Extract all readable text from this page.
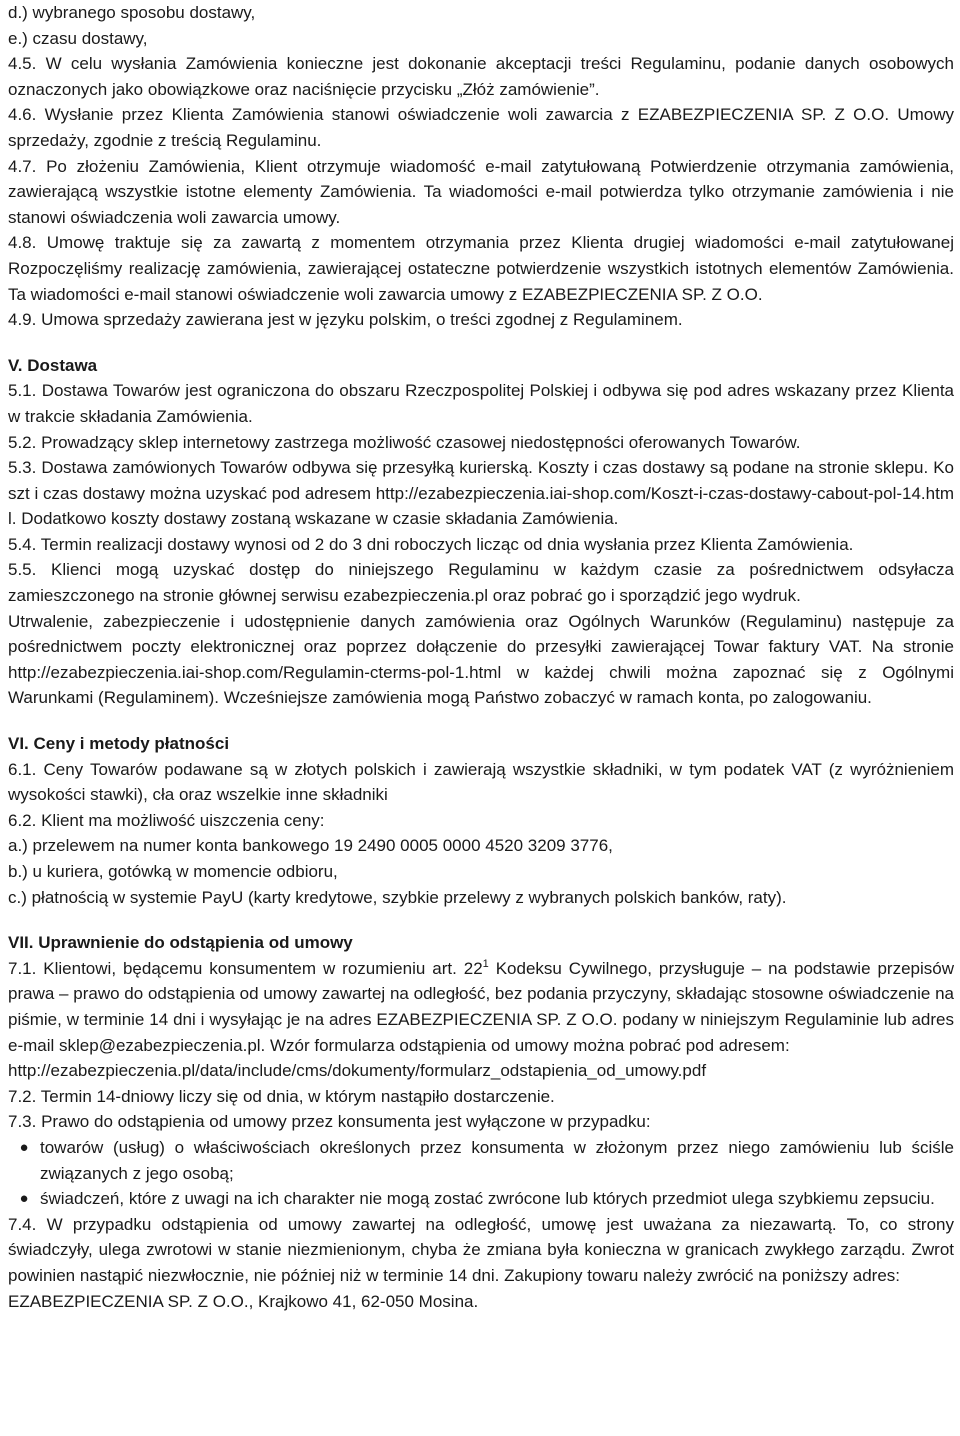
d.) wybranego sposobu dostawy,

e.) czasu dostawy,

4.5. W celu wysłania Zamówienia konieczne jest dokonanie akceptacji treści Regulaminu, podanie danych osobowych oznaczonych jako obowiązkowe oraz naciśnięcie przycisku „Złóż zamówienie”.

4.6. Wysłanie przez Klienta Zamówienia stanowi oświadczenie woli zawarcia z EZABEZPIECZENIA SP. Z O.O. Umowy sprzedaży, zgodnie z treścią Regulaminu.

4.7. Po złożeniu Zamówienia, Klient otrzymuje wiadomość e-mail zatytułowaną Potwierdzenie otrzymania zamówienia, zawierającą wszystkie istotne elementy Zamówienia. Ta wiadomości e-mail potwierdza tylko otrzymanie zamówienia i nie stanowi oświadczenia woli zawarcia umowy.

4.8. Umowę traktuje się za zawartą z momentem otrzymania przez Klienta drugiej wiadomości e-mail zatytułowanej Rozpoczęliśmy realizację zamówienia, zawierającej ostateczne potwierdzenie wszystkich istotnych elementów Zamówienia. Ta wiadomości e-mail stanowi oświadczenie woli zawarcia umowy z EZABEZPIECZENIA SP. Z O.O.

4.9. Umowa sprzedaży zawierana jest w języku polskim, o treści zgodnej z Regulaminem.

V. Dostawa

5.1. Dostawa Towarów jest ograniczona do obszaru Rzeczpospolitej Polskiej i odbywa się pod adres wskazany przez Klienta w trakcie składania Zamówienia.

5.2. Prowadzący sklep internetowy zastrzega możliwość czasowej niedostępności oferowanych Towarów.

5.3. Dostawa zamówionych Towarów odbywa się przesyłką kurierską. Koszty i czas dostawy są podane na stronie sklepu. Koszt i czas dostawy można uzyskać pod adresem http://ezabezpieczenia.iai-shop.com/Koszt-i-czas-dostawy-cabout-pol-14.html. Dodatkowo koszty dostawy zostaną wskazane w czasie składania Zamówienia.

5.4. Termin realizacji dostawy wynosi od 2 do 3 dni roboczych licząc od dnia wysłania przez Klienta Zamówienia.

5.5. Klienci mogą uzyskać dostęp do niniejszego Regulaminu w każdym czasie za pośrednictwem odsyłacza zamieszczonego na stronie głównej serwisu ezabezpieczenia.pl oraz pobrać go i sporządzić jego wydruk.

Utrwalenie, zabezpieczenie i udostępnienie danych zamówienia oraz Ogólnych Warunków (Regulaminu) następuje za pośrednictwem poczty elektronicznej oraz poprzez dołączenie do przesyłki zawierającej Towar faktury VAT. Na stronie http://ezabezpieczenia.iai-shop.com/Regulamin-cterms-pol-1.html w każdej chwili można zapoznać się z Ogólnymi Warunkami (Regulaminem). Wcześniejsze zamówienia mogą Państwo zobaczyć w ramach konta, po zalogowaniu.

VI. Ceny i metody płatności

6.1. Ceny Towarów podawane są w złotych polskich i zawierają wszystkie składniki, w tym podatek VAT (z wyróżnieniem wysokości stawki), cła oraz wszelkie inne składniki

6.2. Klient ma możliwość uiszczenia ceny:

a.) przelewem na numer konta bankowego 19 2490 0005 0000 4520 3209 3776,

b.) u kuriera, gotówką w momencie odbioru,

c.) płatnością w systemie PayU (karty kredytowe, szybkie przelewy z wybranych polskich banków, raty).

VII. Uprawnienie do odstąpienia od umowy

7.1. Klientowi, będącemu konsumentem w rozumieniu art. $22^1$ Kodeksu Cywilnego, przysługuje – na podstawie przepisów prawa – prawo do odstąpienia od umowy zawartej na odległość, bez podania przyczyny, składając stosowne oświadczenie na piśmie, w terminie 14 dni i wysyłając je na adres EZABEZPIECZENIA SP. Z O.O. podany w niniejszym Regulaminie lub adres e-mail sklep@ezabezpieczenia.pl. Wzór formularza odstąpienia od umowy można pobrać pod adresem:

http://ezabezpieczenia.pl/data/include/cms/dokumenty/formularz_odstapienia_od_umowy.pdf

7.2. Termin 14-dniowy liczy się od dnia, w którym nastąpiło dostarczenie.

7.3. Prawo do odstąpienia od umowy przez konsumenta jest wyłączone w przypadku:

● towarów (usług) o właściwościach określonych przez konsumenta w złożonym przez niego zamówieniu lub ściśle związanych z jego osobą;
● świadczeń, które z uwagi na ich charakter nie mogą zostać zwrócone lub których przedmiot ulega szybkiemu zepsuciu.

7.4. W przypadku odstąpienia od umowy zawartej na odległość, umowę jest uważana za niezawartą. To, co strony świadczyły, ulega zwrotowi w stanie niezmienionym, chyba że zmiana była konieczna w granicach zwykłego zarządu. Zwrot powinien nastąpić niezwłocznie, nie później niż w terminie 14 dni. Zakupiony towaru należy zwrócić na poniższy adres:

EZABEZPIECZENIA SP. Z O.O., Krajkowo 41, 62-050 Mosina.
